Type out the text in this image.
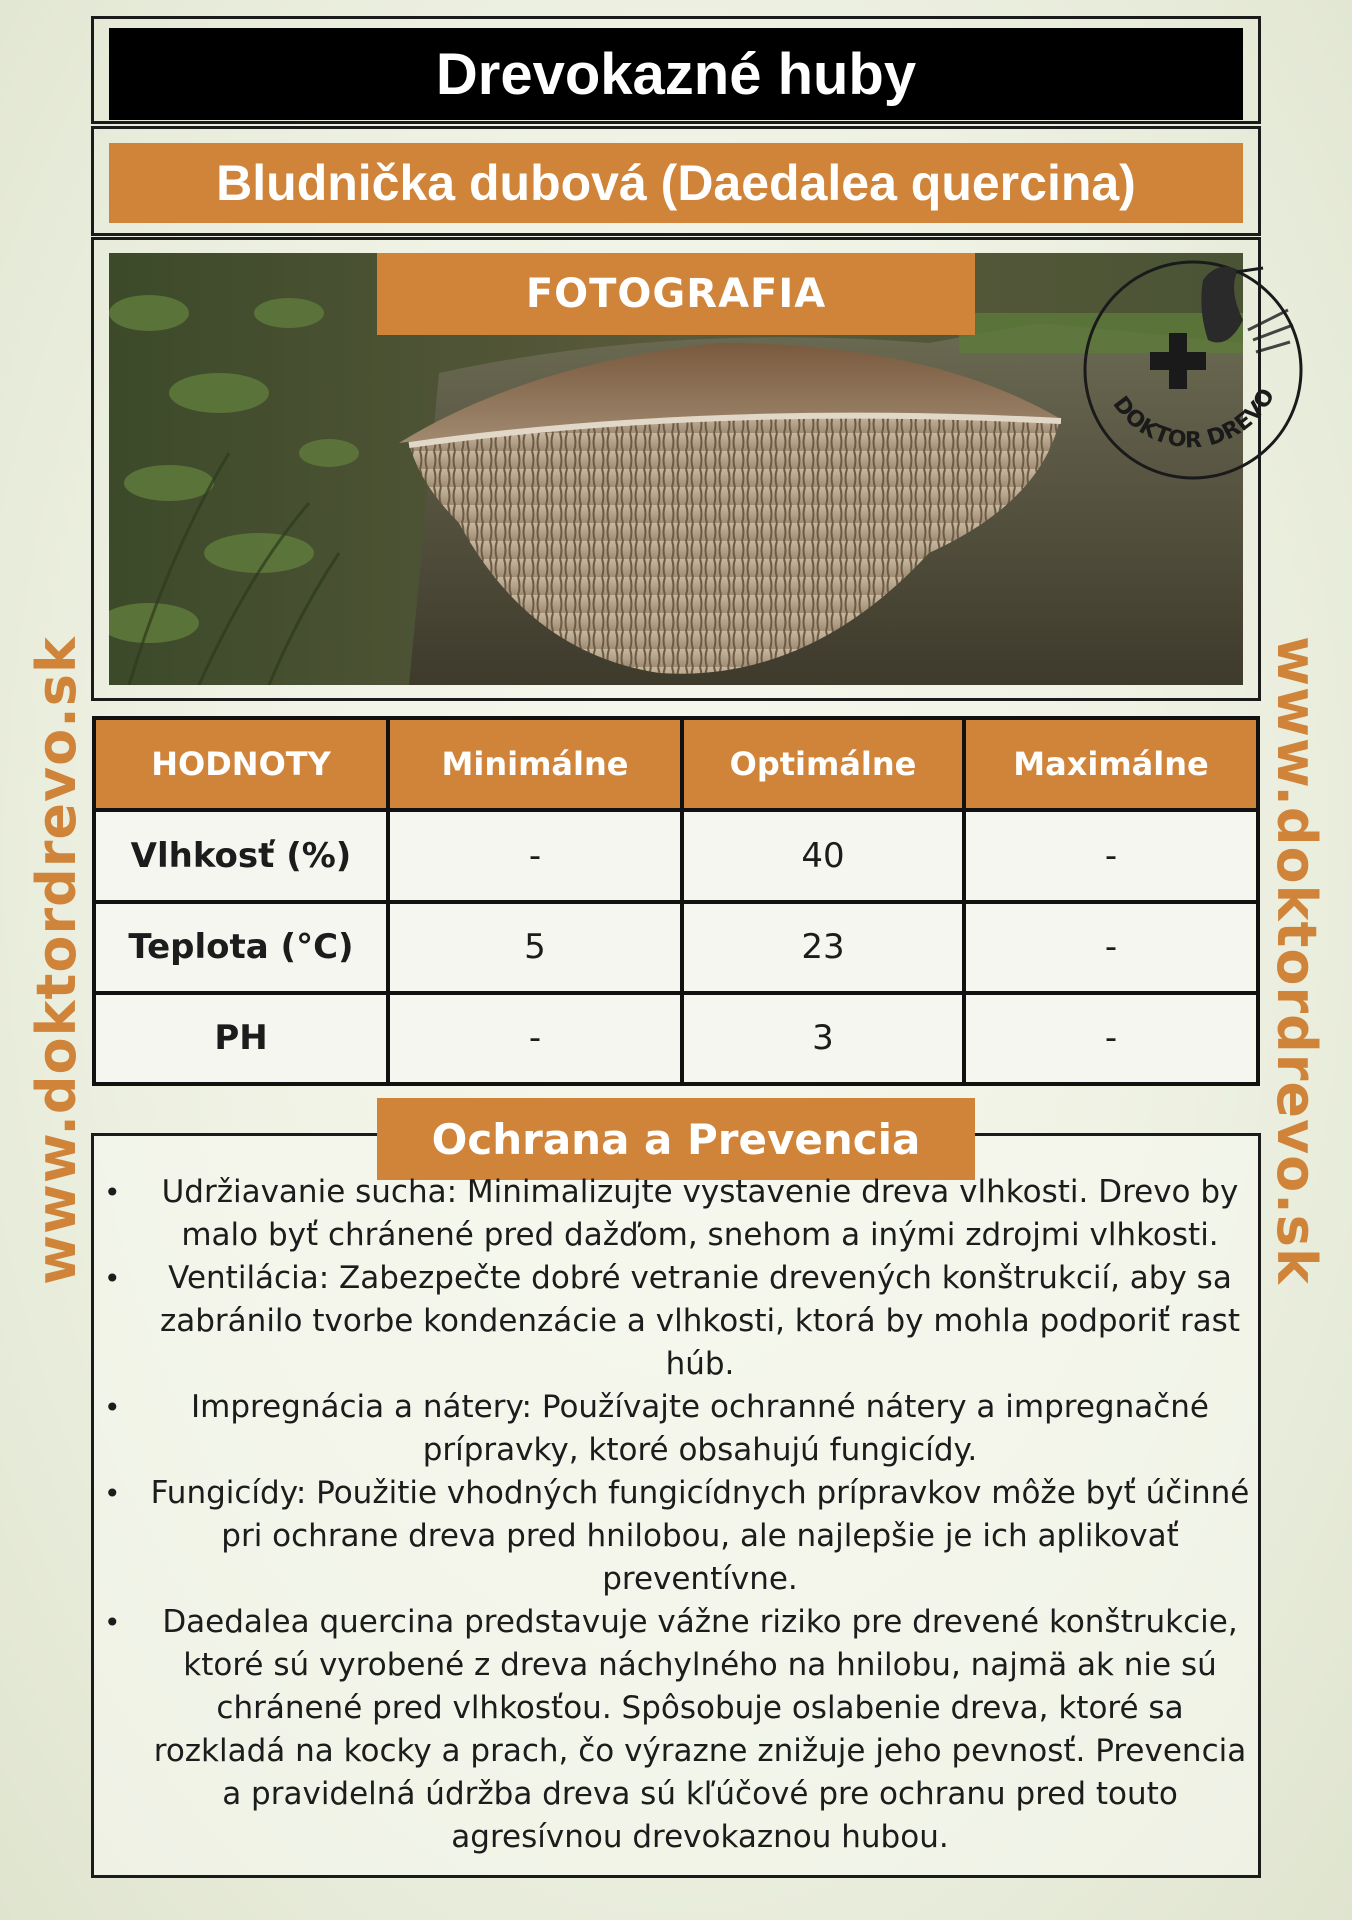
www.doktordrevo.sk	www.doktordrevo.sk
Drevokazné huby
Bludnička dubová (Daedalea quercina)
FOTOGRAFIA
DOKTOR DREVO
HODNOTY	Minimálne	Optimálne	Maximálne
Vlhkosť (%)	-	40	-
Teplota (°C)	5	23	-
PH	-	3	-
Ochrana a Prevencia
• Udržiavanie sucha: Minimalizujte vystavenie dreva vlhkosti. Drevo by malo byť chránené pred dažďom, snehom a inými zdrojmi vlhkosti.
• Ventilácia: Zabezpečte dobré vetranie drevených konštrukcií, aby sa zabránilo tvorbe kondenzácie a vlhkosti, ktorá by mohla podporiť rast húb.
• Impregnácia a nátery: Používajte ochranné nátery a impregnačné prípravky, ktoré obsahujú fungicídy.
• Fungicídy: Použitie vhodných fungicídnych prípravkov môže byť účinné pri ochrane dreva pred hnilobou, ale najlepšie je ich aplikovať preventívne.
• Daedalea quercina predstavuje vážne riziko pre drevené konštrukcie, ktoré sú vyrobené z dreva náchylného na hnilobu, najmä ak nie sú chránené pred vlhkosťou. Spôsobuje oslabenie dreva, ktoré sa rozkladá na kocky a prach, čo výrazne znižuje jeho pevnosť. Prevencia a pravidelná údržba dreva sú kľúčové pre ochranu pred touto agresívnou drevokaznou hubou.
